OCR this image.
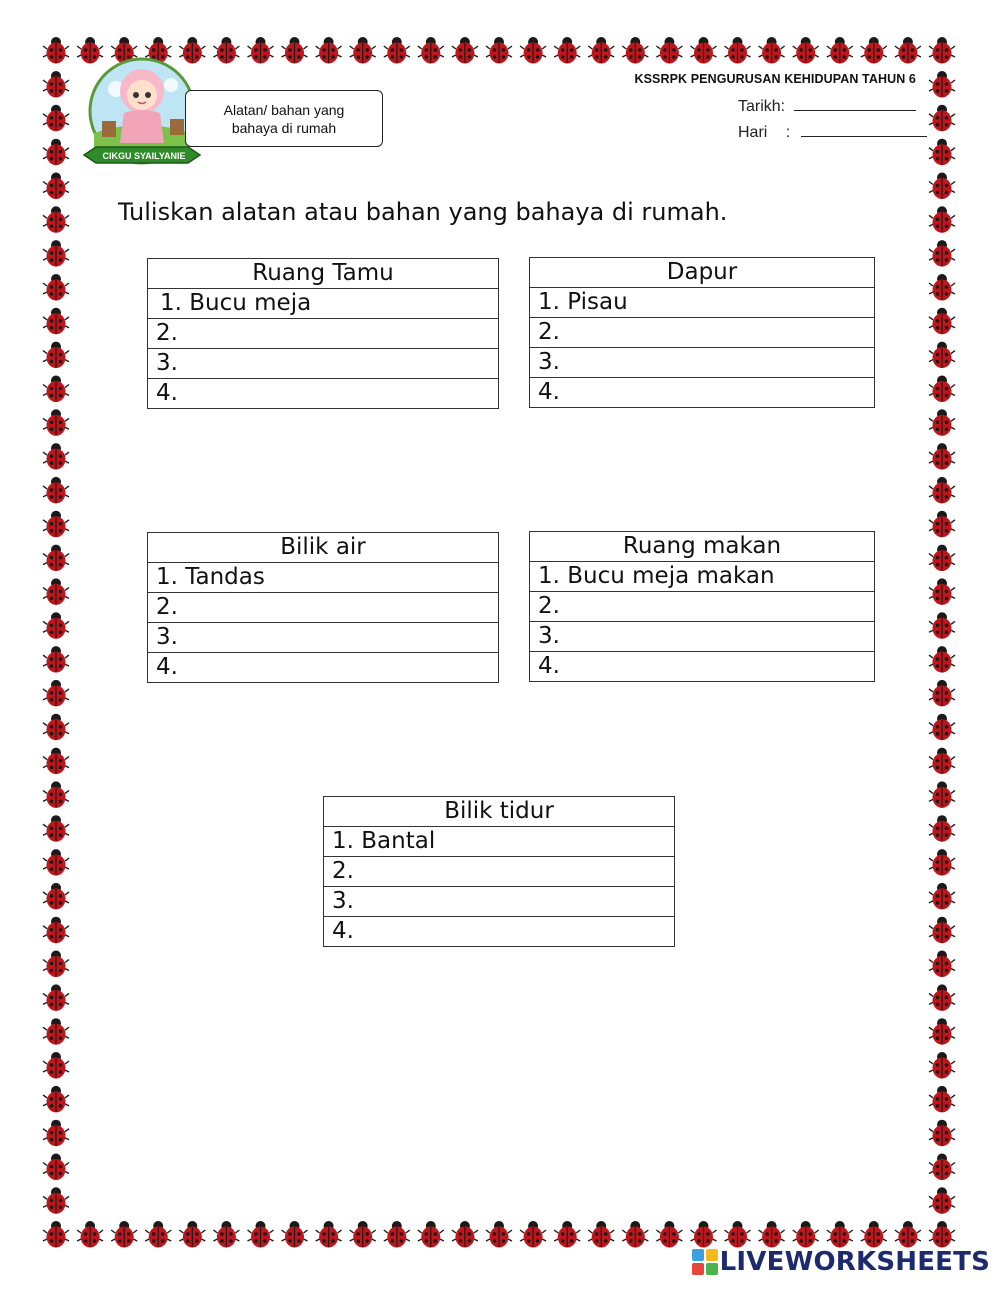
CIKGU SYAILYANIE
Alatan/ bahan yang
bahaya di rumah
KSSRPK PENGURUSAN KEHIDUPAN TAHUN 6
Tarikh:
Hari :
Tuliskan alatan atau bahan yang bahaya di rumah.
Ruang Tamu
1. Bucu meja
2.
3.
4.
Dapur
1. Pisau
2.
3.
4.
Bilik air
1. Tandas
2.
3.
4.
Ruang makan
1. Bucu meja makan
2.
3.
4.
Bilik tidur
1. Bantal
2.
3.
4.
LIVEWORKSHEETS
